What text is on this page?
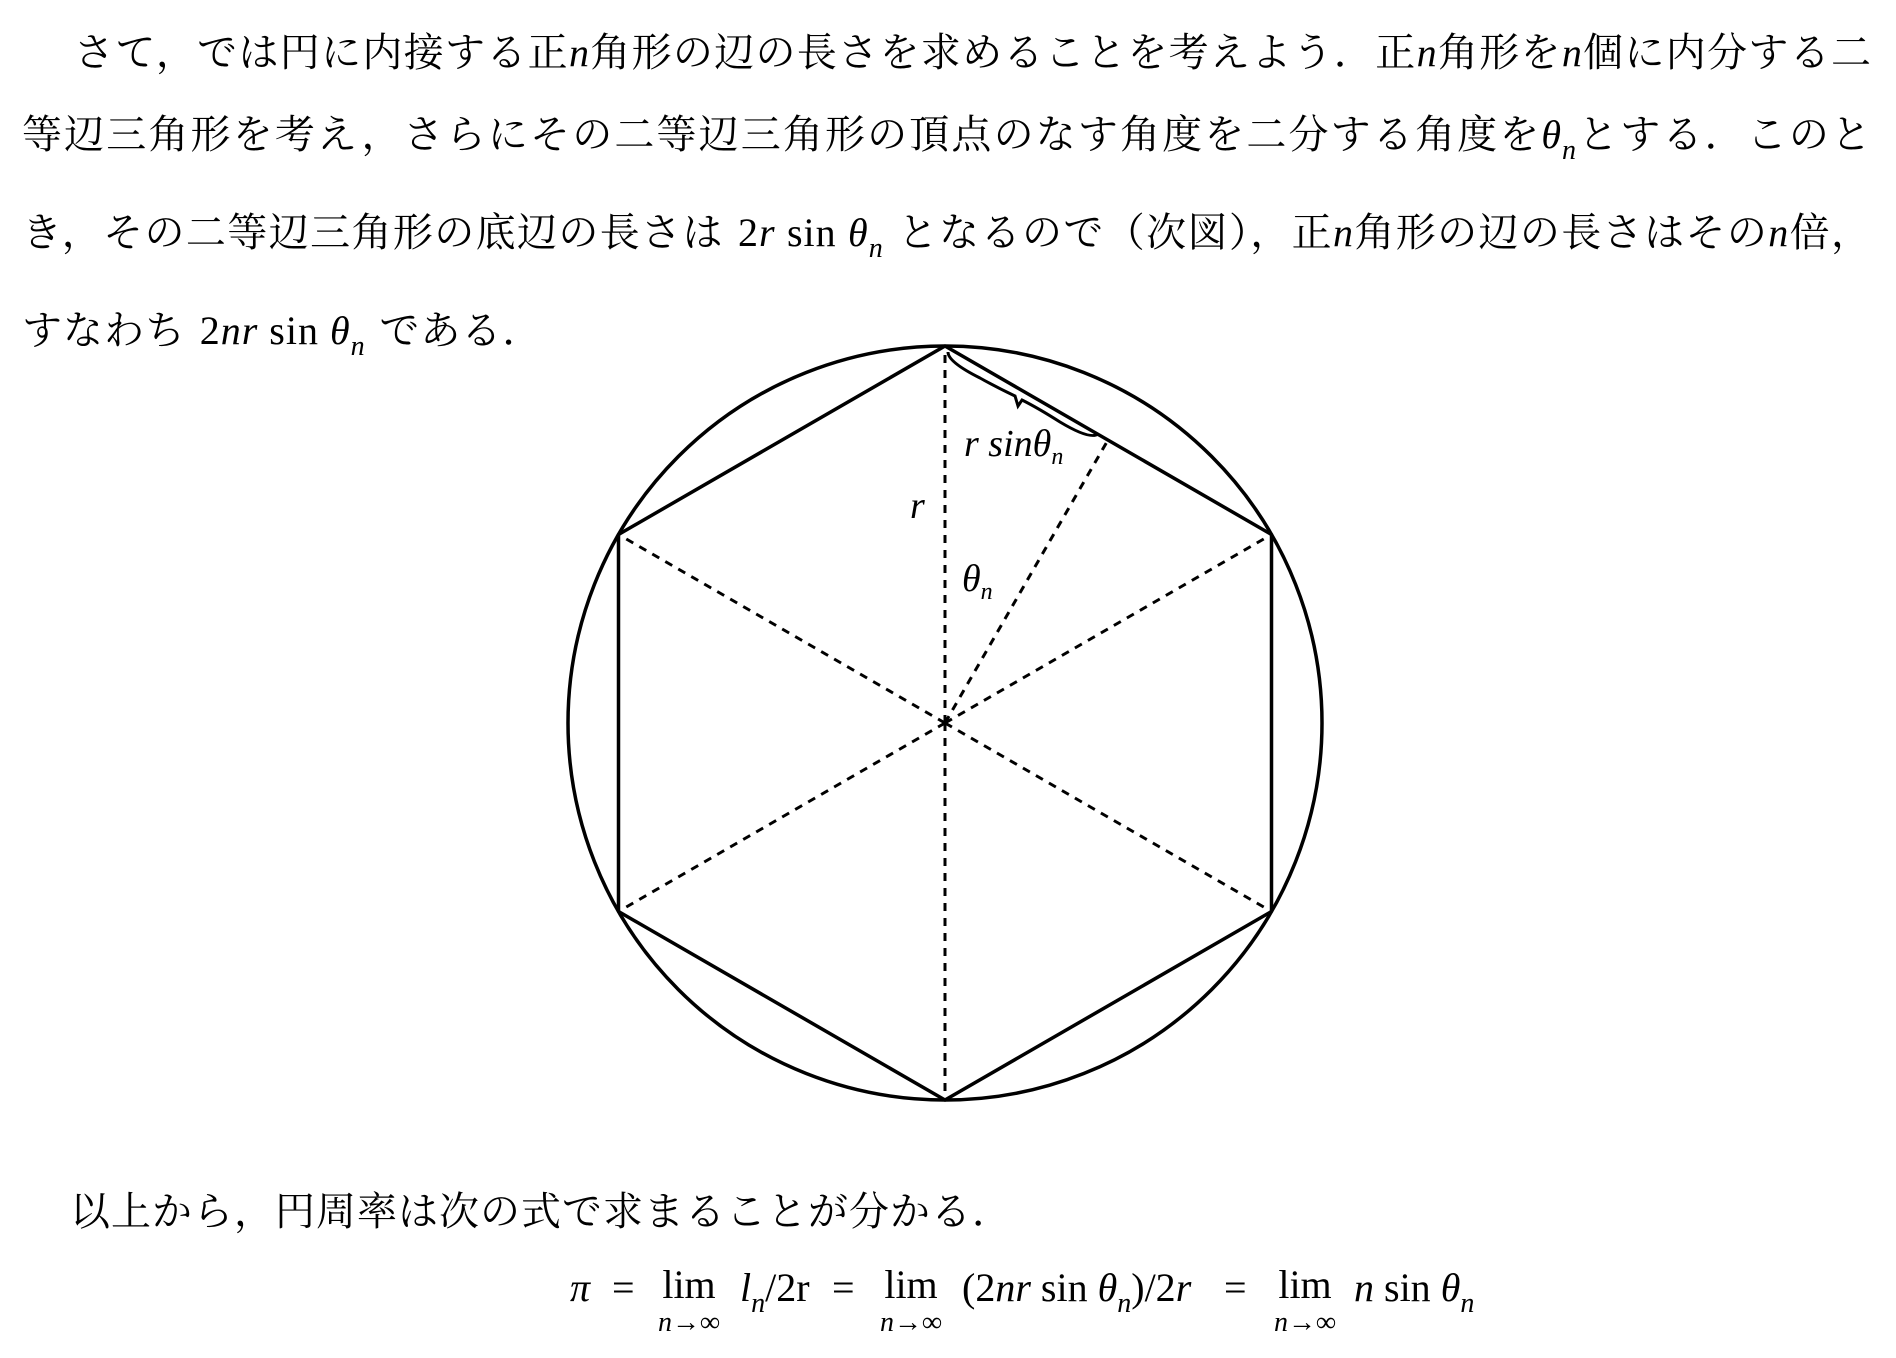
さて，では円に内接する正n角形の辺の長さを求めることを考えよう．正n角形をn個に内分する二等辺三角形を考え，さらにその二等辺三角形の頂点のなす角度を二分する角度を$\theta_n$とする．このとき，その二等辺三角形の底辺の長さは 2r $\sin \theta_n$ となるので（次図），正n角形の辺の長さはそのn倍，すなわち 2nr $\sin \theta_n$ である．
r sinθ$_n$
r
$\theta_n$
以上から，円周率は次の式で求まることが分かる．
π = lim
n→∞
$l_n/2r = \lim$
n→∞
(2nr $\sin \theta_n)/2r = \lim$
n→∞
n $\sin \theta_n$
